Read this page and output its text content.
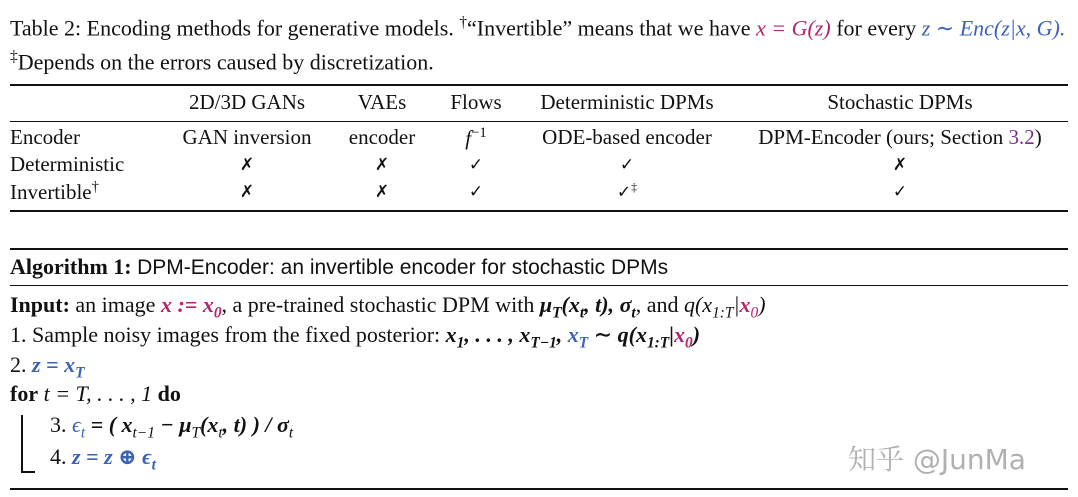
Table 2: Encoding methods for generative models. †“Invertible” means that we have x = G(z) for every z ∼ Enc(z|x, G). ‡Depends on the errors caused by discretization.
	2D/3D GANs	VAEs	Flows	Deterministic DPMs	Stochastic DPMs

Encoder	GAN inversion	encoder	$f^{-1}$	ODE-based encoder	DPM-Encoder (ours; Section 3.2)
Deterministic	✗	✗	✓	✓	✗
Invertible†	✗	✗	✓	✓‡	✓
Algorithm 1: DPM-Encoder: an invertible encoder for stochastic DPMs
Input: an image x := $x_0$, a pre-trained stochastic DPM with $\mu_T(x_t$, t), $\sigma_t$, and $q(x_{1:T}|x_0)$
1. Sample noisy images from the fixed posterior: $x_1$, . . . , $x_{T-1}$, $x_T$ ∼ $q(x_{1:T}|x_0)$
2. $z = x_T$
for t = T, . . . , 1 do
3. $\epsilon_t$ = ( $x_{t-1} - \mu_T(x_t$, t) ) / $\sigma_t$
4. z = z ⊕ $\epsilon_t$	知乎 @JunMa
